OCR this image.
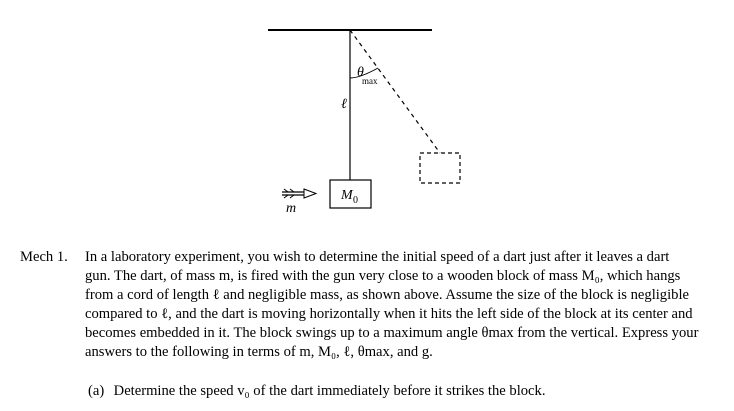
θ
max
ℓ
M 0
m
Mech 1.	In a laboratory experiment, you wish to determine the initial speed of a dart just after it leaves a dart
gun. The dart, of mass m, is fired with the gun very close to a wooden block of mass M₀, which hangs
from a cord of length ℓ and negligible mass, as shown above. Assume the size of the block is negligible
compared to ℓ, and the dart is moving horizontally when it hits the left side of the block at its center and
becomes embedded in it. The block swings up to a maximum angle θmax from the vertical. Express your
answers to the following in terms of m, M₀, ℓ, θmax, and g.
(a) Determine the speed v₀ of the dart immediately before it strikes the block.
